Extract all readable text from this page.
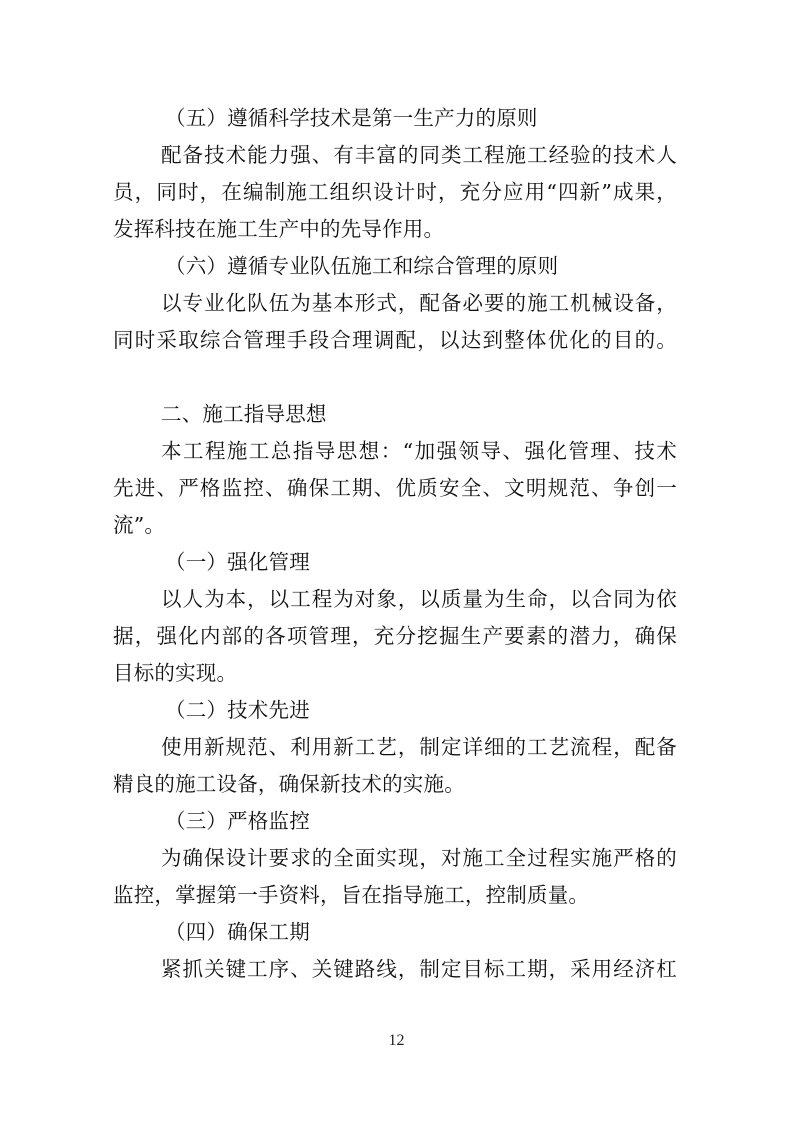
（五）遵循科学技术是第一生产力的原则
配备技术能力强、有丰富的同类工程施工经验的技术人
员，同时，在编制施工组织设计时，充分应用“四新”成果，
发挥科技在施工生产中的先导作用。
（六）遵循专业队伍施工和综合管理的原则
以专业化队伍为基本形式，配备必要的施工机械设备，
同时采取综合管理手段合理调配，以达到整体优化的目的。
二、施工指导思想
本工程施工总指导思想：“加强领导、强化管理、技术
先进、严格监控、确保工期、优质安全、文明规范、争创一
流”。
（一）强化管理
以人为本，以工程为对象，以质量为生命，以合同为依
据，强化内部的各项管理，充分挖掘生产要素的潜力，确保
目标的实现。
（二）技术先进
使用新规范、利用新工艺，制定详细的工艺流程，配备
精良的施工设备，确保新技术的实施。
（三）严格监控
为确保设计要求的全面实现，对施工全过程实施严格的
监控，掌握第一手资料，旨在指导施工，控制质量。
（四）确保工期
紧抓关键工序、关键路线，制定目标工期，采用经济杠
12
